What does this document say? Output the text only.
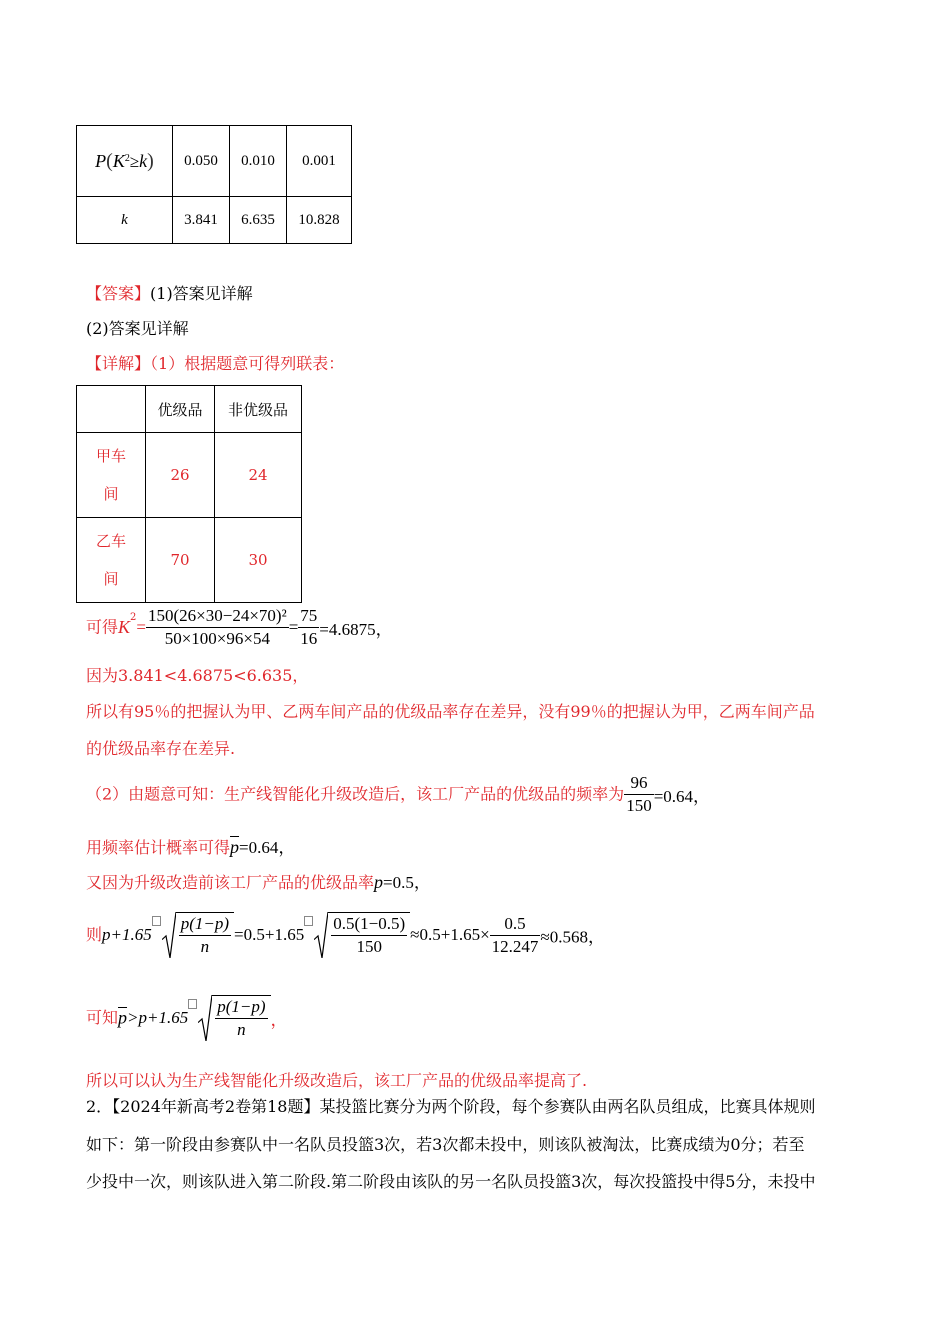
$P(K^2\ge k)$	0.050	0.010	0.001
k	3.841	6.635	10.828
【答案】(1)答案见详解
(2)答案见详解
【详解】（1）根据题意可得列联表：
	优级品	非优级品
甲车
间	26	24
乙车
间	70	30
可得$K^2= \frac{\text{150(26×30−24×70)²}}{50\times 100\times 96\times 54} = \frac{75}{16} =4.6875$，
因为3.841<4.6875<6.635，
所以有95％的把握认为甲、乙两车间产品的优级品率存在差异，没有99％的把握认为甲，乙两车间产品
的优级品率存在差异.
（2）由题意可知：生产线智能化升级改造后，该工厂产品的优级品的频率为 $\frac{96}{150} =0.64$，
用频率估计概率可得$\overline{p}=0.64$，
又因为升级改造前该工厂产品的优级品率p=0.5，
则$p+1.65 \frac{p(1-p)}{n} =0.5+1.65 \frac{0.5(1-0.5)}{150} \approx 0.5+1.65\times \frac{0.5}{12.247} \approx 0.568$，
可知$\overline{p}>p+1.65 \frac{p(1-p)}{n}$ ，
所以可以认为生产线智能化升级改造后，该工厂产品的优级品率提高了.
2．【2024年新高考2卷第18题】某投篮比赛分为两个阶段，每个参赛队由两名队员组成，比赛具体规则
如下：第一阶段由参赛队中一名队员投篮3次，若3次都未投中，则该队被淘汰，比赛成绩为0分；若至
少投中一次，则该队进入第二阶段.第二阶段由该队的另一名队员投篮3次，每次投篮投中得5分，未投中
